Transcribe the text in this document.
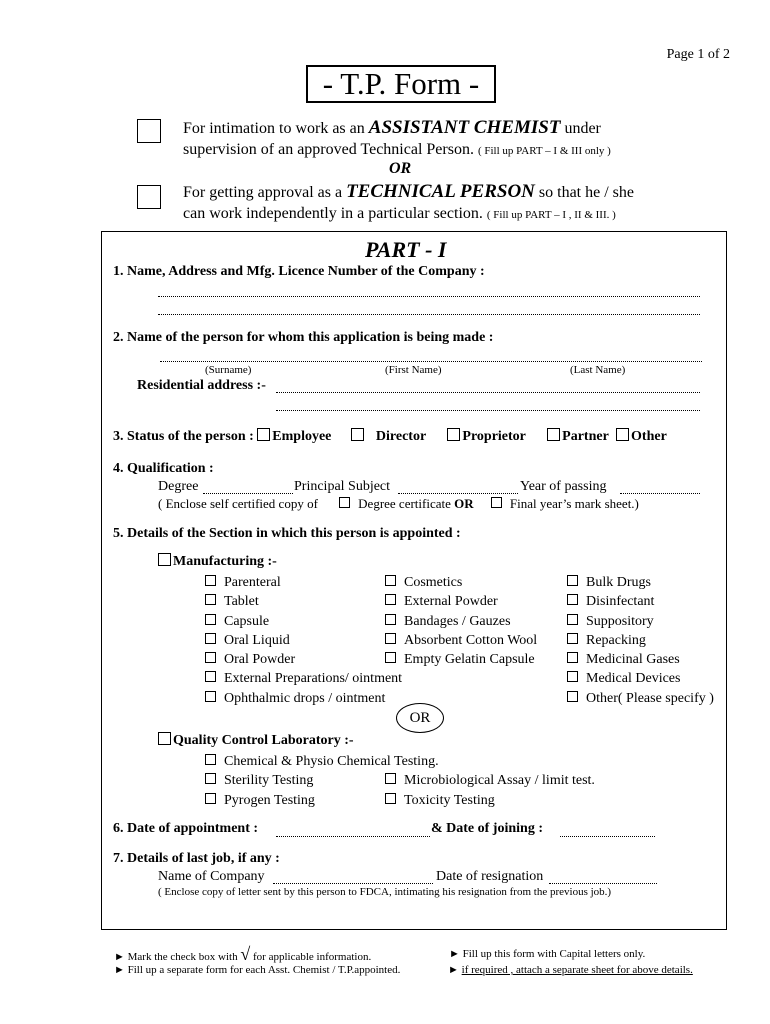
Page 1 of 2
- T.P. Form -
For intimation to work as an ASSISTANT CHEMIST under
supervision of an approved Technical Person. ( Fill up PART – I & III only )
OR
For getting approval as a TECHNICAL PERSON so that he / she
can work independently in a particular section. ( Fill up PART – I , II & III. )
PART - I
1. Name, Address and Mfg. Licence Number of the Company :
2. Name of the person for whom this application is being made :
(Surname)	(First Name)	(Last Name)
Residential address :-
3. Status of the person : Employee	Director	Proprietor	Partner Other
4. Qualification :
Degree	Principal Subject	Year of passing
( Enclose self certified copy of	Degree certificate OR	Final year’s mark sheet.)
5. Details of the Section in which this person is appointed :
Manufacturing :-
Parenteral
Tablet
Capsule
Oral Liquid
Oral Powder
External Preparations/ ointment
Ophthalmic drops / ointment
Cosmetics
External Powder
Bandages / Gauzes
Absorbent Cotton Wool
Empty Gelatin Capsule
Bulk Drugs
Disinfectant
Suppository
Repacking
Medicinal Gases
Medical Devices
Other( Please specify )
OR
Quality Control Laboratory :-
Chemical & Physio Chemical Testing.
Sterility Testing
Pyrogen Testing
Microbiological Assay / limit test.
Toxicity Testing
6. Date of appointment :	& Date of joining :
7. Details of last job, if any :
Name of Company	Date of resignation
( Enclose copy of letter sent by this person to FDCA, intimating his resignation from the previous job.)
► Mark the check box with √ for applicable information.	► Fill up this form with Capital letters only.
► Fill up a separate form for each Asst. Chemist / T.P.appointed.	► if required , attach a separate sheet for above details.
